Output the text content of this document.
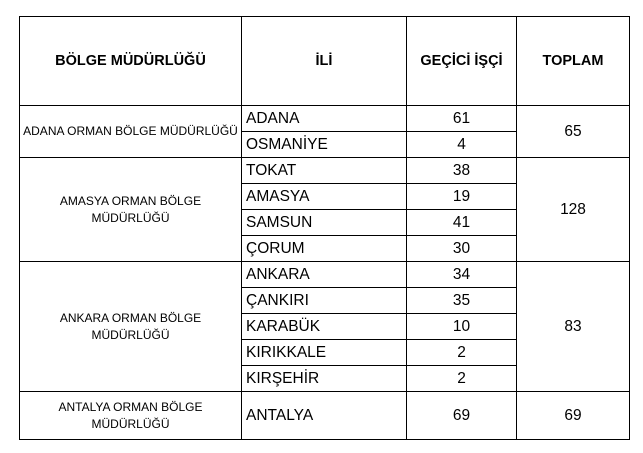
BÖLGE MÜDÜRLÜĞÜ	İLİ	GEÇİCİ İŞÇİ	TOPLAM
ADANA ORMAN BÖLGE MÜDÜRLÜĞÜ	ADANA	61	65
	OSMANİYE	4	
AMASYA ORMAN BÖLGE MÜDÜRLÜĞÜ	TOKAT	38	128
	AMASYA	19	
	SAMSUN	41	
	ÇORUM	30	
ANKARA ORMAN BÖLGE MÜDÜRLÜĞÜ	ANKARA	34	83
	ÇANKIRI	35	
	KARABÜK	10	
	KIRIKKALE	2	
	KIRŞEHİR	2	
ANTALYA ORMAN BÖLGE MÜDÜRLÜĞÜ	ANTALYA	69	69
